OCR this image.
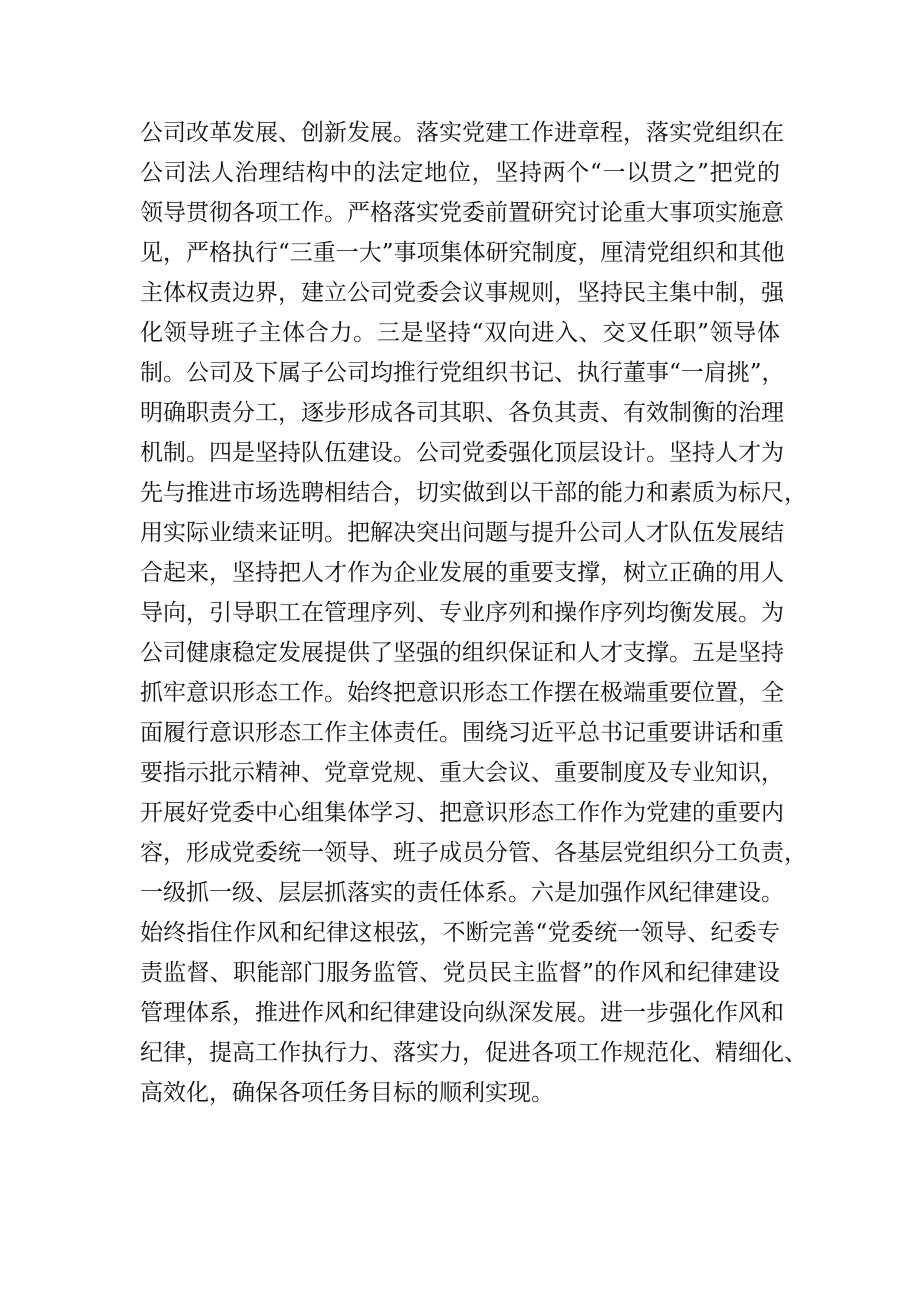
公司改革发展、创新发展。落实党建工作进章程，落实党组织在
公司法人治理结构中的法定地位，坚持两个“一以贯之”把党的
领导贯彻各项工作。严格落实党委前置研究讨论重大事项实施意
见，严格执行“三重一大”事项集体研究制度，厘清党组织和其他
主体权责边界，建立公司党委会议事规则，坚持民主集中制，强
化领导班子主体合力。三是坚持“双向进入、交叉任职”领导体
制。公司及下属子公司均推行党组织书记、执行董事“一肩挑”，
明确职责分工，逐步形成各司其职、各负其责、有效制衡的治理
机制。四是坚持队伍建设。公司党委强化顶层设计。坚持人才为
先与推进市场选聘相结合，切实做到以干部的能力和素质为标尺，
用实际业绩来证明。把解决突出问题与提升公司人才队伍发展结
合起来，坚持把人才作为企业发展的重要支撑，树立正确的用人
导向，引导职工在管理序列、专业序列和操作序列均衡发展。为
公司健康稳定发展提供了坚强的组织保证和人才支撑。五是坚持
抓牢意识形态工作。始终把意识形态工作摆在极端重要位置，全
面履行意识形态工作主体责任。围绕习近平总书记重要讲话和重
要指示批示精神、党章党规、重大会议、重要制度及专业知识，
开展好党委中心组集体学习、把意识形态工作作为党建的重要内
容，形成党委统一领导、班子成员分管、各基层党组织分工负责，
一级抓一级、层层抓落实的责任体系。六是加强作风纪律建设。
始终指住作风和纪律这根弦，不断完善“党委统一领导、纪委专
责监督、职能部门服务监管、党员民主监督”的作风和纪律建设
管理体系，推进作风和纪律建设向纵深发展。进一步强化作风和
纪律，提高工作执行力、落实力，促进各项工作规范化、精细化、
高效化，确保各项任务目标的顺利实现。
